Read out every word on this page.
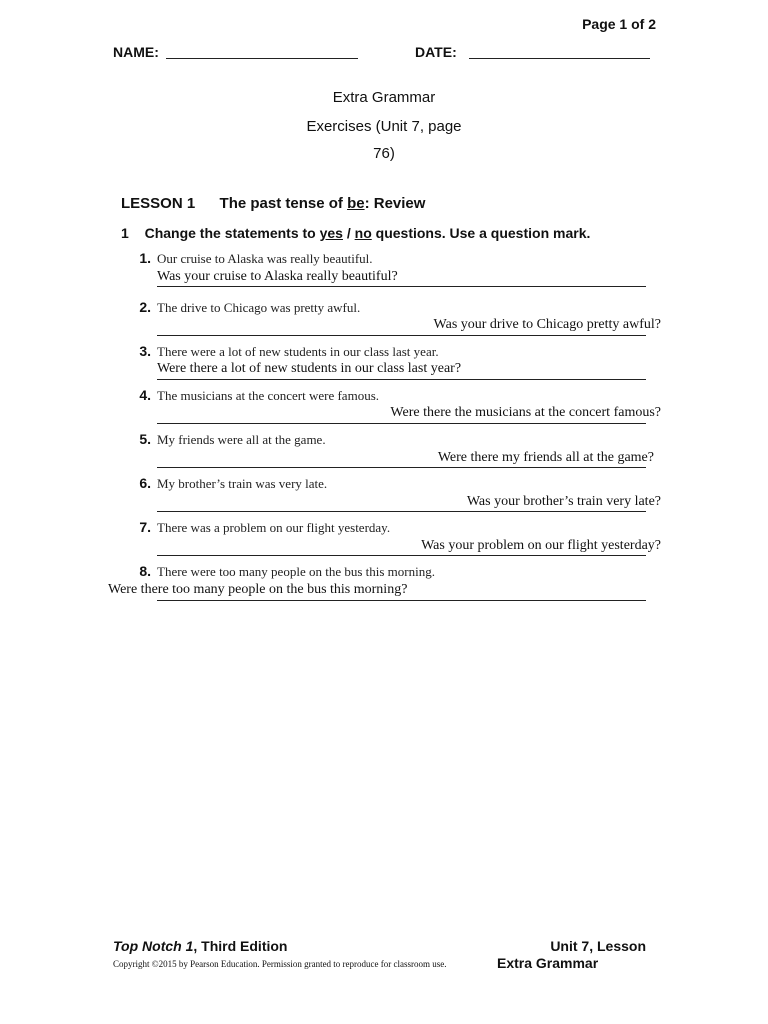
Page 1 of 2
NAME:	DATE:
Extra Grammar
Exercises (Unit 7, page
76)
LESSON 1 The past tense of be: Review
1 Change the statements to yes / no questions. Use a question mark.
1. Our cruise to Alaska was really beautiful.
Was your cruise to Alaska really beautiful?
2. The drive to Chicago was pretty awful.
Was your drive to Chicago pretty awful?
3. There were a lot of new students in our class last year.
Were there a lot of new students in our class last year?
4. The musicians at the concert were famous.
Were there the musicians at the concert famous?
5. My friends were all at the game.
Were there my friends all at the game?
6. My brother’s train was very late.
Was your brother’s train very late?
7. There was a problem on our flight yesterday.
Was your problem on our flight yesterday?
8. There were too many people on the bus this morning.
Were there too many people on the bus this morning?
Top Notch 1, Third Edition	Unit 7, Lesson
Copyright ©2015 by Pearson Education. Permission granted to reproduce for classroom use.	Extra Grammar
